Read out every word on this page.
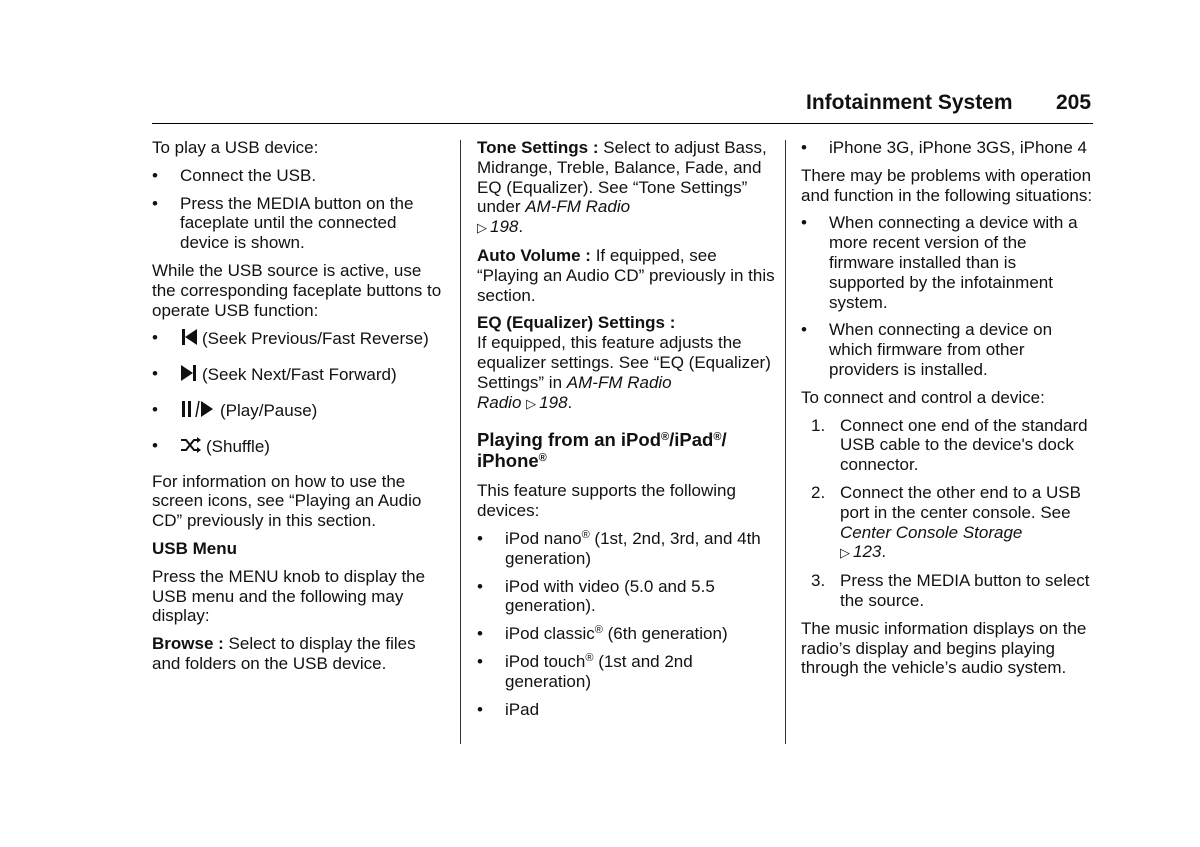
Infotainment System 205

To play a USB device:

• Connect the USB.
• Press the MEDIA button on the faceplate until the connected device is shown.

While the USB source is active, use the corresponding faceplate buttons to operate USB function:

• (Seek Previous/Fast Reverse)
• (Seek Next/Fast Forward)
• (Play/Pause)
• (Shuffle)

For information on how to use the screen icons, see “Playing an Audio CD” previously in this section.

USB Menu

Press the MENU knob to display the USB menu and the following may display:

Browse : Select to display the files and folders on the USB device.

Tone Settings : Select to adjust Bass, Midrange, Treble, Balance, Fade, and EQ (Equalizer). See “Tone Settings” under AM-FM Radio
▷ 198.

Auto Volume : If equipped, see “Playing an Audio CD” previously in this section.

EQ (Equalizer) Settings :
If equipped, this feature adjusts the equalizer settings. See “EQ (Equalizer) Settings” in AM-FM Radio
Radio ▷ 198.

Playing from an iPod®/iPad®/
iPhone®

This feature supports the following devices:

• iPod nano® (1st, 2nd, 3rd, and 4th generation)
• iPod with video (5.0 and 5.5 generation).
• iPod classic® (6th generation)
• iPod touch® (1st and 2nd generation)
• iPad
• iPhone 3G, iPhone 3GS, iPhone 4

There may be problems with operation and function in the following situations:

• When connecting a device with a more recent version of the firmware installed than is supported by the infotainment system.
• When connecting a device on which firmware from other providers is installed.

To connect and control a device:

1. Connect one end of the standard USB cable to the device's dock connector.
2. Connect the other end to a USB port in the center console. See Center Console Storage
▷ 123.
3. Press the MEDIA button to select the source.

The music information displays on the radio’s display and begins playing through the vehicle’s audio system.
